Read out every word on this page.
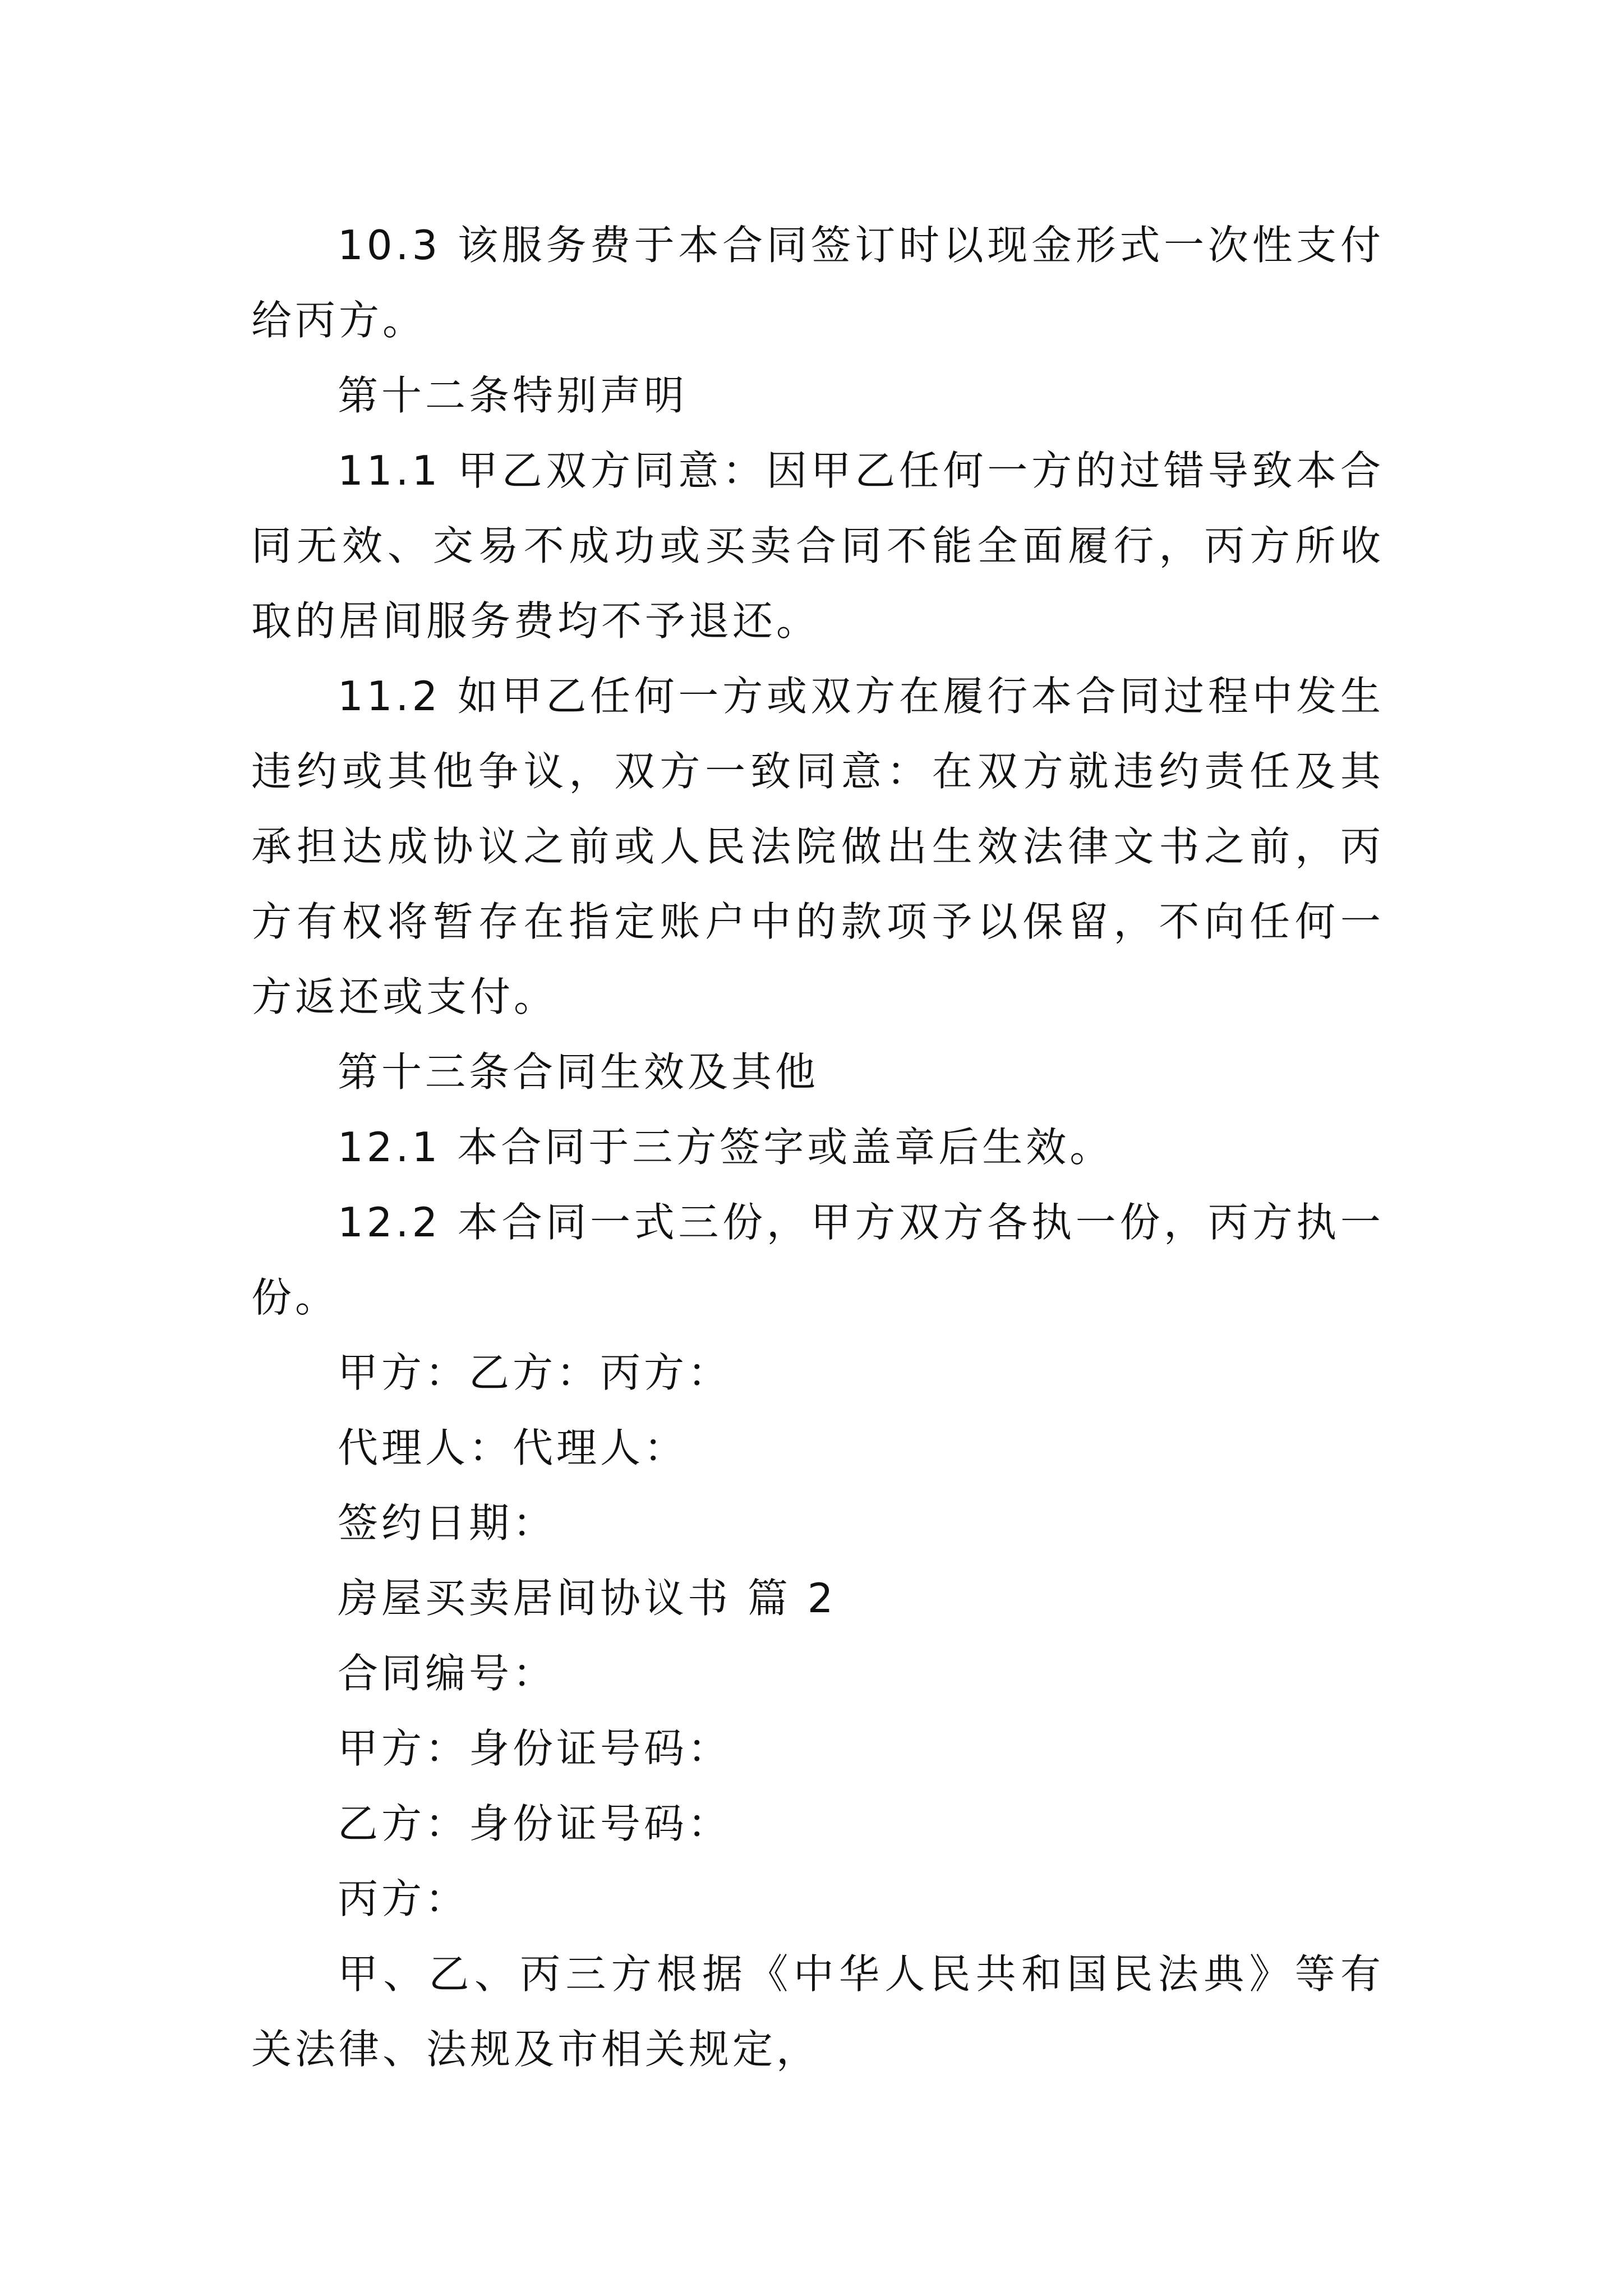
10.3 该服务费于本合同签订时以现金形式一次性支付给丙方。

第十二条特别声明

11.1 甲乙双方同意：因甲乙任何一方的过错导致本合同无效、交易不成功或买卖合同不能全面履行，丙方所收取的居间服务费均不予退还。

11.2 如甲乙任何一方或双方在履行本合同过程中发生违约或其他争议，双方一致同意：在双方就违约责任及其承担达成协议之前或人民法院做出生效法律文书之前，丙方有权将暂存在指定账户中的款项予以保留，不向任何一方返还或支付。

第十三条合同生效及其他

12.1 本合同于三方签字或盖章后生效。

12.2 本合同一式三份，甲方双方各执一份，丙方执一份。

甲方：乙方：丙方：

代理人：代理人：

签约日期：

房屋买卖居间协议书 篇 2

合同编号：

甲方：身份证号码：

乙方：身份证号码：

丙方：

甲、乙、丙三方根据《中华人民共和国民法典》等有关法律、法规及市相关规定，
